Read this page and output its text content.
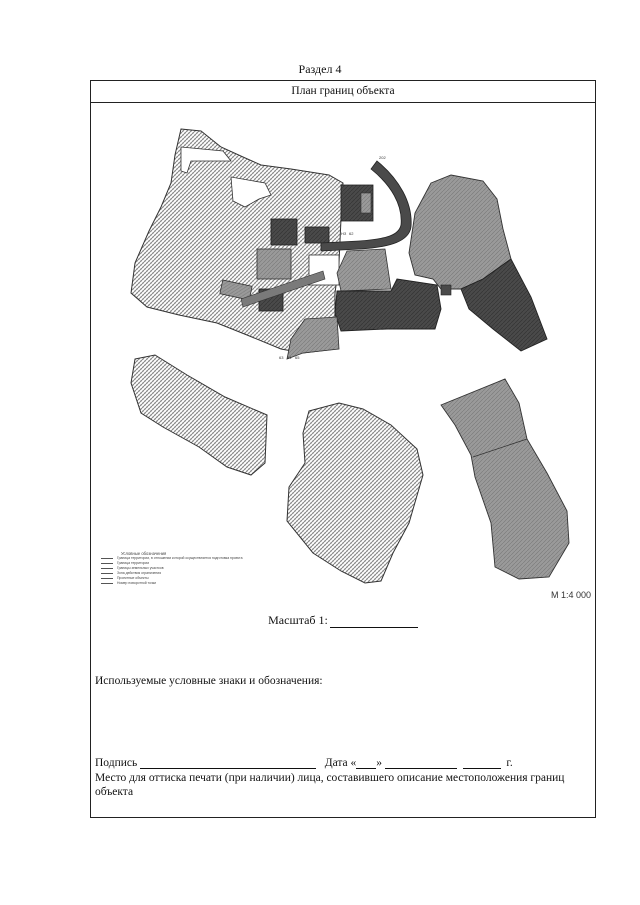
Раздел 4
План границ объекта
202
НЗ 62
63 64 65
Условные обозначения
Граница территории, в отношении которой осуществляется подготовка проекта
Граница территории
Границы земельных участков
Зона действия ограничения
Проектные объекты
Номер поворотной точки
М 1:4 000
Масштаб 1:
Используемые условные знаки и обозначения:
Подпись	Дата « »	г.
Место для оттиска печати (при наличии) лица, составившего описание местоположения границ объекта
